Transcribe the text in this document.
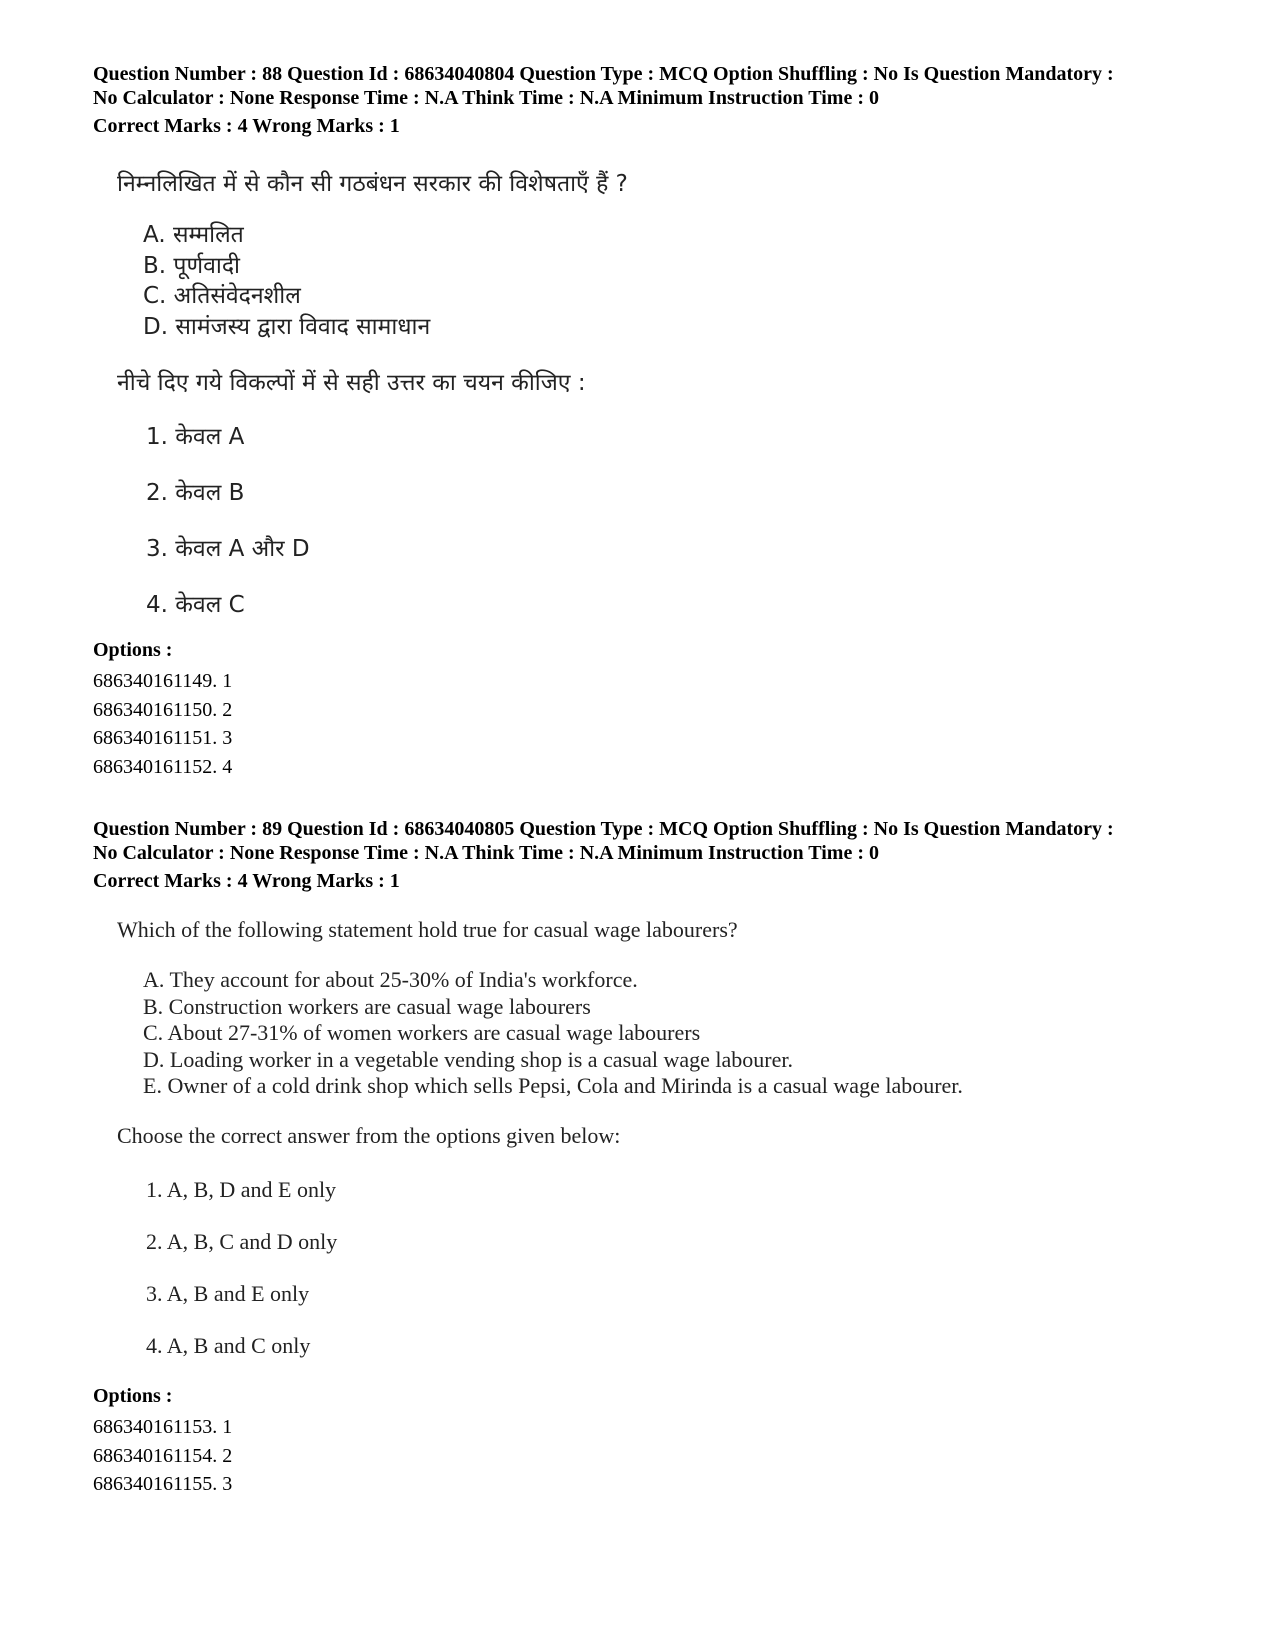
Question Number : 88 Question Id : 68634040804 Question Type : MCQ Option Shuffling : No Is Question Mandatory :

No Calculator : None Response Time : N.A Think Time : N.A Minimum Instruction Time : 0

Correct Marks : 4 Wrong Marks : 1

निम्नलिखित में से कौन सी गठबंधन सरकार की विशेषताएँ हैं ?

A. सम्मलित
B. पूर्णवादी
C. अतिसंवेदनशील
D. सामंजस्य द्वारा विवाद सामाधान

नीचे दिए गये विकल्पों में से सही उत्तर का चयन कीजिए :

1. केवल A
2. केवल B
3. केवल A और D
4. केवल C

Options :

686340161149. 1
686340161150. 2
686340161151. 3
686340161152. 4

Question Number : 89 Question Id : 68634040805 Question Type : MCQ Option Shuffling : No Is Question Mandatory :

No Calculator : None Response Time : N.A Think Time : N.A Minimum Instruction Time : 0

Correct Marks : 4 Wrong Marks : 1

Which of the following statement hold true for casual wage labourers?

A. They account for about 25-30% of India's workforce.
B. Construction workers are casual wage labourers
C. About 27-31% of women workers are casual wage labourers
D. Loading worker in a vegetable vending shop is a casual wage labourer.
E. Owner of a cold drink shop which sells Pepsi, Cola and Mirinda is a casual wage labourer.

Choose the correct answer from the options given below:

1. A, B, D and E only
2. A, B, C and D only
3. A, B and E only
4. A, B and C only

Options :

686340161153. 1
686340161154. 2
686340161155. 3
